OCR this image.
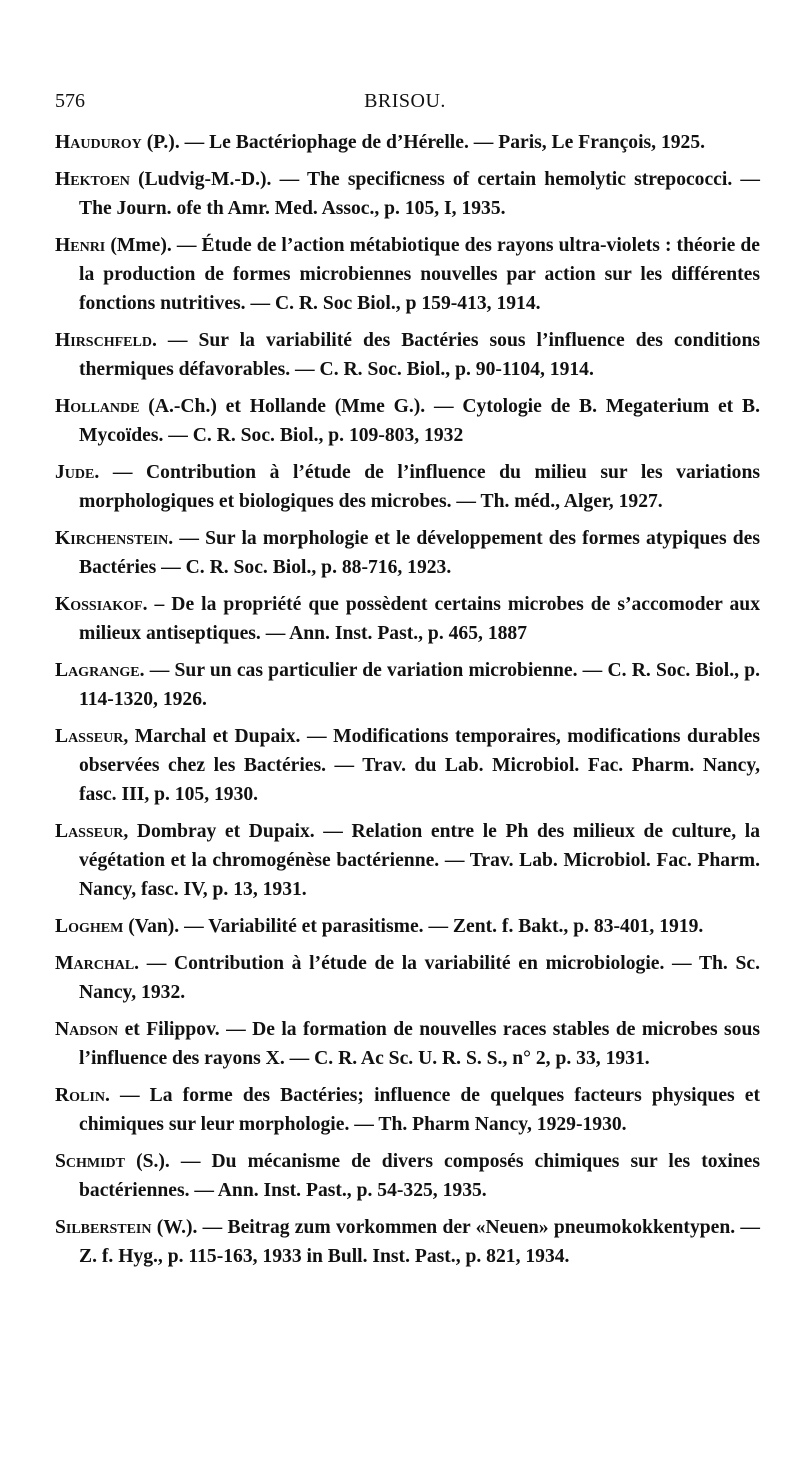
576	BRISOU.

Hauduroy (P.). — Le Bactériophage de d’Hérelle. — Paris, Le François, 1925.

Hektoen (Ludvig-M.-D.). — The specificness of certain hemolytic strepococci. — The Journ. ofe th Amr. Med. Assoc., p. 105, I, 1935.

Henri (Mme). — Étude de l’action métabiotique des rayons ultra-violets : théorie de la production de formes microbiennes nouvelles par action sur les différentes fonctions nutritives. — C. R. Soc Biol., p 159-413, 1914.

Hirschfeld. — Sur la variabilité des Bactéries sous l’influence des conditions thermiques défavorables. — C. R. Soc. Biol., p. 90-1104, 1914.

Hollande (A.-Ch.) et Hollande (Mme G.). — Cytologie de B. Megaterium et B. Mycoïdes. — C. R. Soc. Biol., p. 109-803, 1932

Jude. — Contribution à l’étude de l’influence du milieu sur les variations morphologiques et biologiques des microbes. — Th. méd., Alger, 1927.

Kirchenstein. — Sur la morphologie et le développement des formes atypiques des Bactéries — C. R. Soc. Biol., p. 88-716, 1923.

Kossiakof. – De la propriété que possèdent certains microbes de s’accomoder aux milieux antiseptiques. — Ann. Inst. Past., p. 465, 1887

Lagrange. — Sur un cas particulier de variation microbienne. — C. R. Soc. Biol., p. 114-1320, 1926.

Lasseur, Marchal et Dupaix. — Modifications temporaires, modifications durables observées chez les Bactéries. — Trav. du Lab. Microbiol. Fac. Pharm. Nancy, fasc. III, p. 105, 1930.

Lasseur, Dombray et Dupaix. — Relation entre le Ph des milieux de culture, la végétation et la chromogénèse bactérienne. — Trav. Lab. Microbiol. Fac. Pharm. Nancy, fasc. IV, p. 13, 1931.

Loghem (Van). — Variabilité et parasitisme. — Zent. f. Bakt., p. 83-401, 1919.

Marchal. — Contribution à l’étude de la variabilité en microbiologie. — Th. Sc. Nancy, 1932.

Nadson et Filippov. — De la formation de nouvelles races stables de microbes sous l’influence des rayons X. — C. R. Ac Sc. U. R. S. S., n° 2, p. 33, 1931.

Rolin. — La forme des Bactéries; influence de quelques facteurs physiques et chimiques sur leur morphologie. — Th. Pharm Nancy, 1929-1930.

Schmidt (S.). — Du mécanisme de divers composés chimiques sur les toxines bactériennes. — Ann. Inst. Past., p. 54-325, 1935.

Silberstein (W.). — Beitrag zum vorkommen der «Neuen» pneumokokkentypen. — Z. f. Hyg., p. 115-163, 1933 in Bull. Inst. Past., p. 821, 1934.
